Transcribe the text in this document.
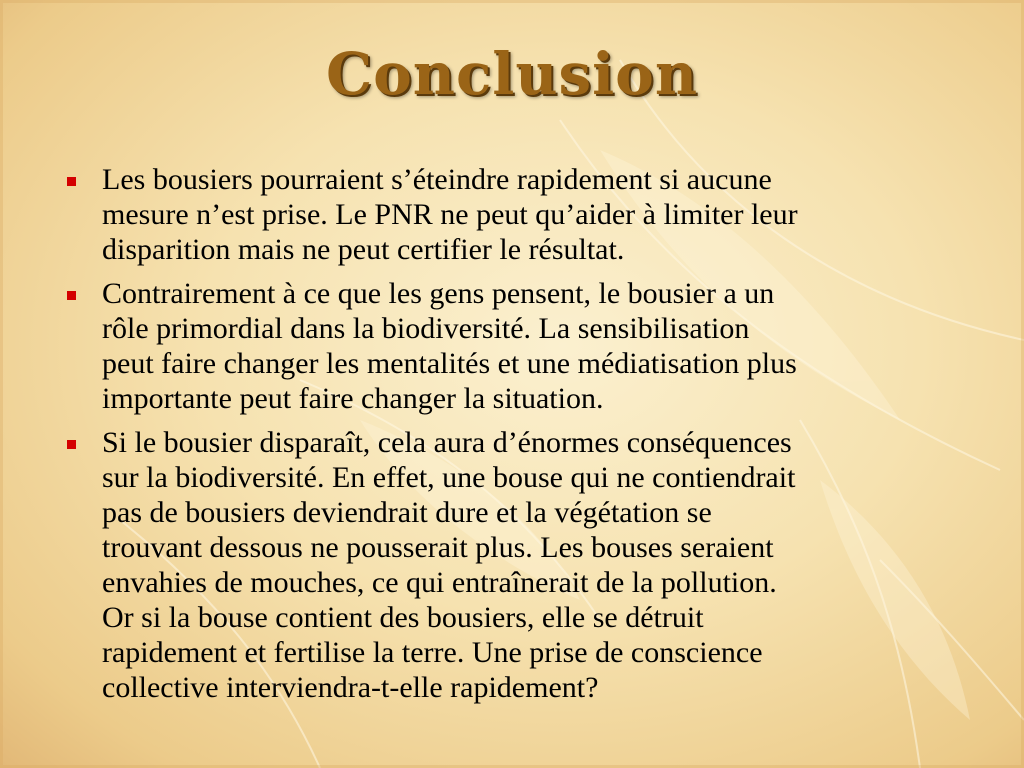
Conclusion
Les bousiers pourraient s’éteindre rapidement si aucune
mesure n’est prise. Le PNR ne peut qu’aider à limiter leur
disparition mais ne peut certifier le résultat.
Contrairement à ce que les gens pensent, le bousier a un
rôle primordial dans la biodiversité. La sensibilisation
peut faire changer les mentalités et une médiatisation plus
importante peut faire changer la situation.
Si le bousier disparaît, cela aura d’énormes conséquences
sur la biodiversité. En effet, une bouse qui ne contiendrait
pas de bousiers deviendrait dure et la végétation se
trouvant dessous ne pousserait plus. Les bouses seraient
envahies de mouches, ce qui entraînerait de la pollution.
Or si la bouse contient des bousiers, elle se détruit
rapidement et fertilise la terre. Une prise de conscience
collective interviendra-t-elle rapidement?
